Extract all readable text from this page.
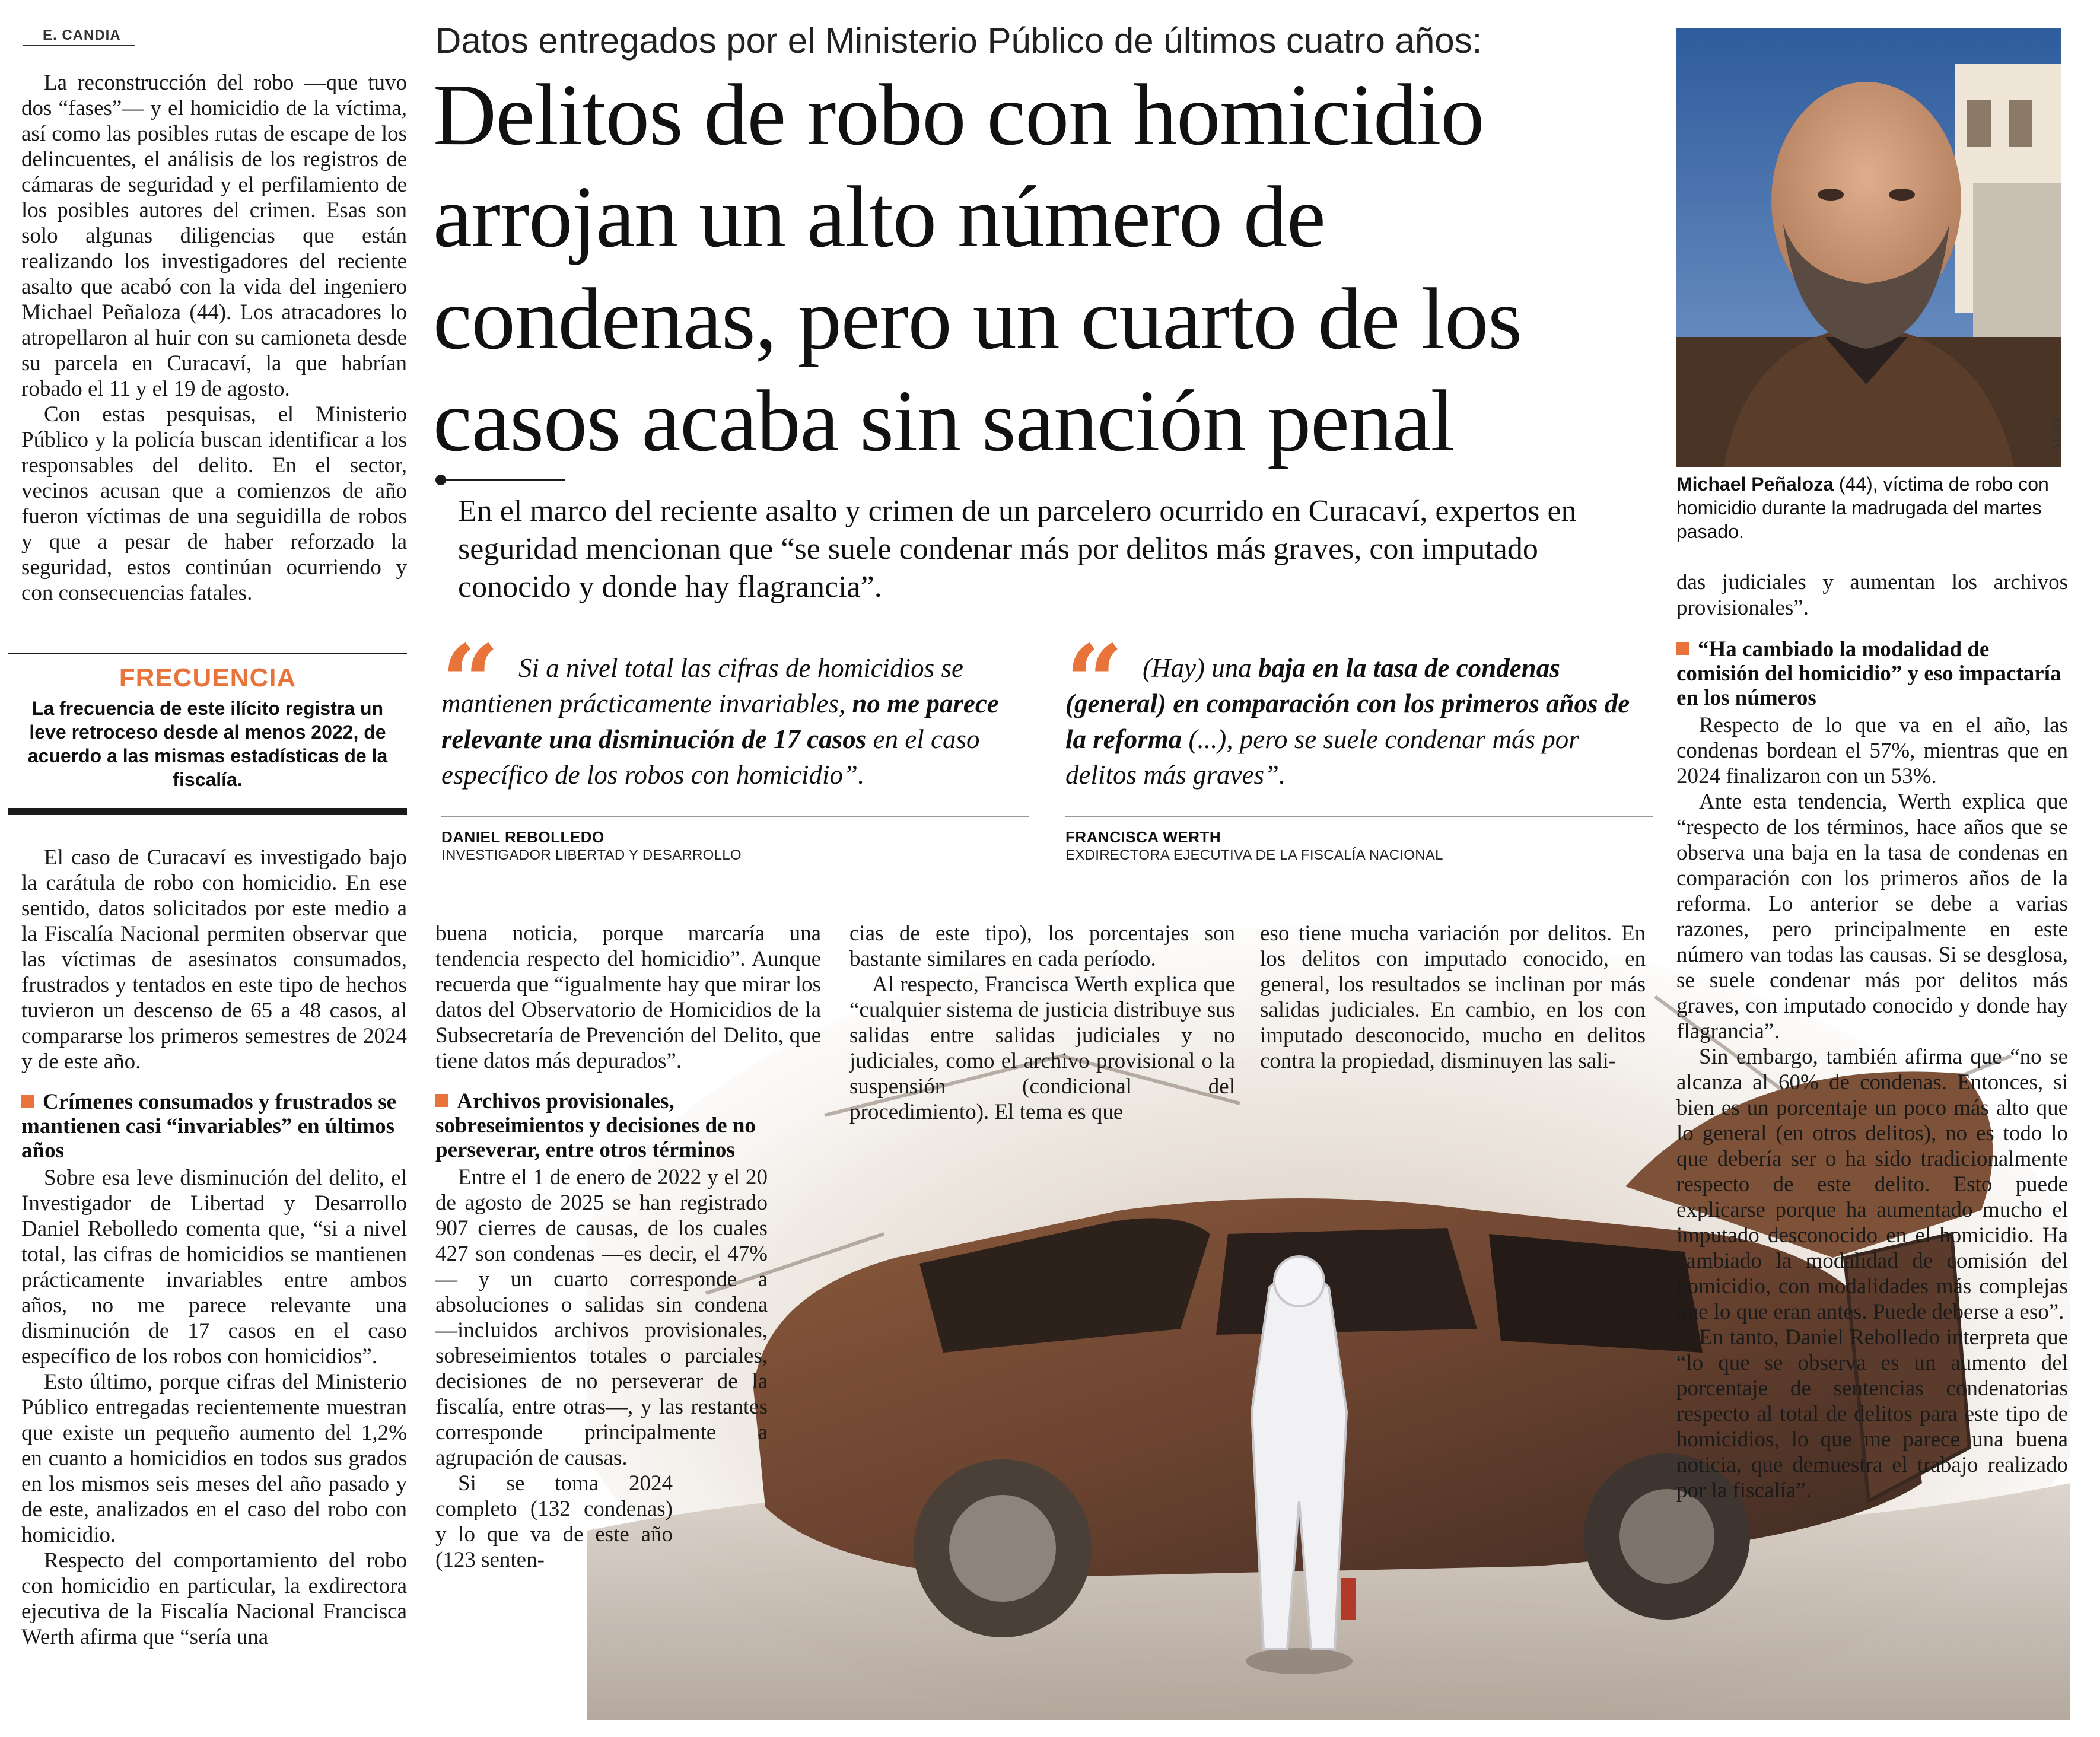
E. CANDIA

La reconstrucción del robo —que tuvo dos “fases”— y el homicidio de la víctima, así como las posibles rutas de escape de los delincuentes, el análisis de los registros de cámaras de seguridad y el perfilamiento de los posibles autores del crimen. Esas son solo algunas diligencias que están realizando los investigadores del reciente asalto que acabó con la vida del ingeniero Michael Peñaloza (44). Los atracadores lo atropellaron al huir con su camioneta desde su parcela en Curacaví, la que habrían robado el 11 y el 19 de agosto.

Con estas pesquisas, el Ministerio Público y la policía buscan identificar a los responsables del delito. En el sector, vecinos acusan que a comienzos de año fueron víctimas de una seguidilla de robos y que a pesar de haber reforzado la seguridad, estos continúan ocurriendo y con consecuencias fatales.

FRECUENCIA
La frecuencia de este ilícito registra un leve retroceso desde al menos 2022, de acuerdo a las mismas estadísticas de la fiscalía.

El caso de Curacaví es investigado bajo la carátula de robo con homicidio. En ese sentido, datos solicitados por este medio a la Fiscalía Nacional permiten observar que las víctimas de asesinatos consumados, frustrados y tentados en este tipo de hechos tuvieron un descenso de 65 a 48 casos, al compararse los primeros semestres de 2024 y de este año.

Crímenes consumados y frustrados se mantienen casi “invariables” en últimos años

Sobre esa leve disminución del delito, el Investigador de Libertad y Desarrollo Daniel Rebolledo comenta que, “si a nivel total, las cifras de homicidios se mantienen prácticamente invariables entre ambos años, no me parece relevante una disminución de 17 casos en el caso específico de los robos con homicidios”.

Esto último, porque cifras del Ministerio Público entregadas recientemente muestran que existe un pequeño aumento del 1,2% en cuanto a homicidios en todos sus grados en los mismos seis meses del año pasado y de este, analizados en el caso del robo con homicidio.

Respecto del comportamiento del robo con homicidio en particular, la exdirectora ejecutiva de la Fiscalía Nacional Francisca Werth afirma que “sería una

Datos entregados por el Ministerio Público de últimos cuatro años:
Delitos de robo con homicidio
arrojan un alto número de
condenas, pero un cuarto de los
casos acaba sin sanción penal
En el marco del reciente asalto y crimen de un parcelero ocurrido en Curacaví, expertos en seguridad mencionan que “se suele condenar más por delitos más graves, con imputado conocido y donde hay flagrancia”.
“ Si a nivel total las cifras de homicidios se mantienen prácticamente invariables, no me parece relevante una disminución de 17 casos en el caso específico de los robos con homicidio”.
DANIEL REBOLLEDO
INVESTIGADOR LIBERTAD Y DESARROLLO
“ (Hay) una baja en la tasa de condenas (general) en comparación con los primeros años de la reforma (...), pero se suele condenar más por delitos más graves”.
FRANCISCA WERTH
EXDIRECTORA EJECUTIVA DE LA FISCALÍA NACIONAL

buena noticia, porque marcaría una tendencia respecto del homicidio”. Aunque recuerda que “igualmente hay que mirar los datos del Observatorio de Homicidios de la Subsecretaría de Prevención del Delito, que tiene datos más depurados”.

Archivos provisionales, sobreseimientos y decisiones de no perseverar, entre otros términos

Entre el 1 de enero de 2022 y el 20 de agosto de 2025 se han registrado 907 cierres de causas, de los cuales 427 son condenas —es decir, el 47%— y un cuarto corresponde a absoluciones o salidas sin condena —incluidos archivos provisionales, sobreseimientos totales o parciales, decisiones de no perseverar de la fiscalía, entre otras—, y las restantes corresponde principalmente a agrupación de causas.

Si se toma 2024 completo (132 condenas) y lo que va de este año (123 senten-

cias de este tipo), los porcentajes son bastante similares en cada período.

Al respecto, Francisca Werth explica que “cualquier sistema de justicia distribuye sus salidas entre salidas judiciales y no judiciales, como el archivo provisional o la suspensión (condicional del procedimiento). El tema es que

eso tiene mucha variación por delitos. En los delitos con imputado conocido, en general, los resultados se inclinan por más salidas judiciales. En cambio, en los con imputado desconocido, mucho en delitos contra la propiedad, disminuyen las sali-

ATON
Michael Peñaloza (44), víctima de robo con homicidio durante la madrugada del martes pasado.

das judiciales y aumentan los archivos provisionales”.

“Ha cambiado la modalidad de comisión del homicidio” y eso impactaría en los números

Respecto de lo que va en el año, las condenas bordean el 57%, mientras que en 2024 finalizaron con un 53%.

Ante esta tendencia, Werth explica que “respecto de los términos, hace años que se observa una baja en la tasa de condenas en comparación con los primeros años de la reforma. Lo anterior se debe a varias razones, pero principalmente en este número van todas las causas. Si se desglosa, se suele condenar más por delitos más graves, con imputado conocido y donde hay flagrancia”.

Sin embargo, también afirma que “no se alcanza al 60% de condenas. Entonces, si bien es un porcentaje un poco más alto que lo general (en otros delitos), no es todo lo que debería ser o ha sido tradicionalmente respecto de este delito. Esto puede explicarse porque ha aumentado mucho el imputado desconocido en el homicidio. Ha cambiado la modalidad de comisión del homicidio, con modalidades más complejas que lo que eran antes. Puede deberse a eso”.

En tanto, Daniel Rebolledo interpreta que “lo que se observa es un aumento del porcentaje de sentencias condenatorias respecto al total de delitos para este tipo de homicidios, lo que me parece una buena noticia, que demuestra el trabajo realizado por la fiscalía”.
